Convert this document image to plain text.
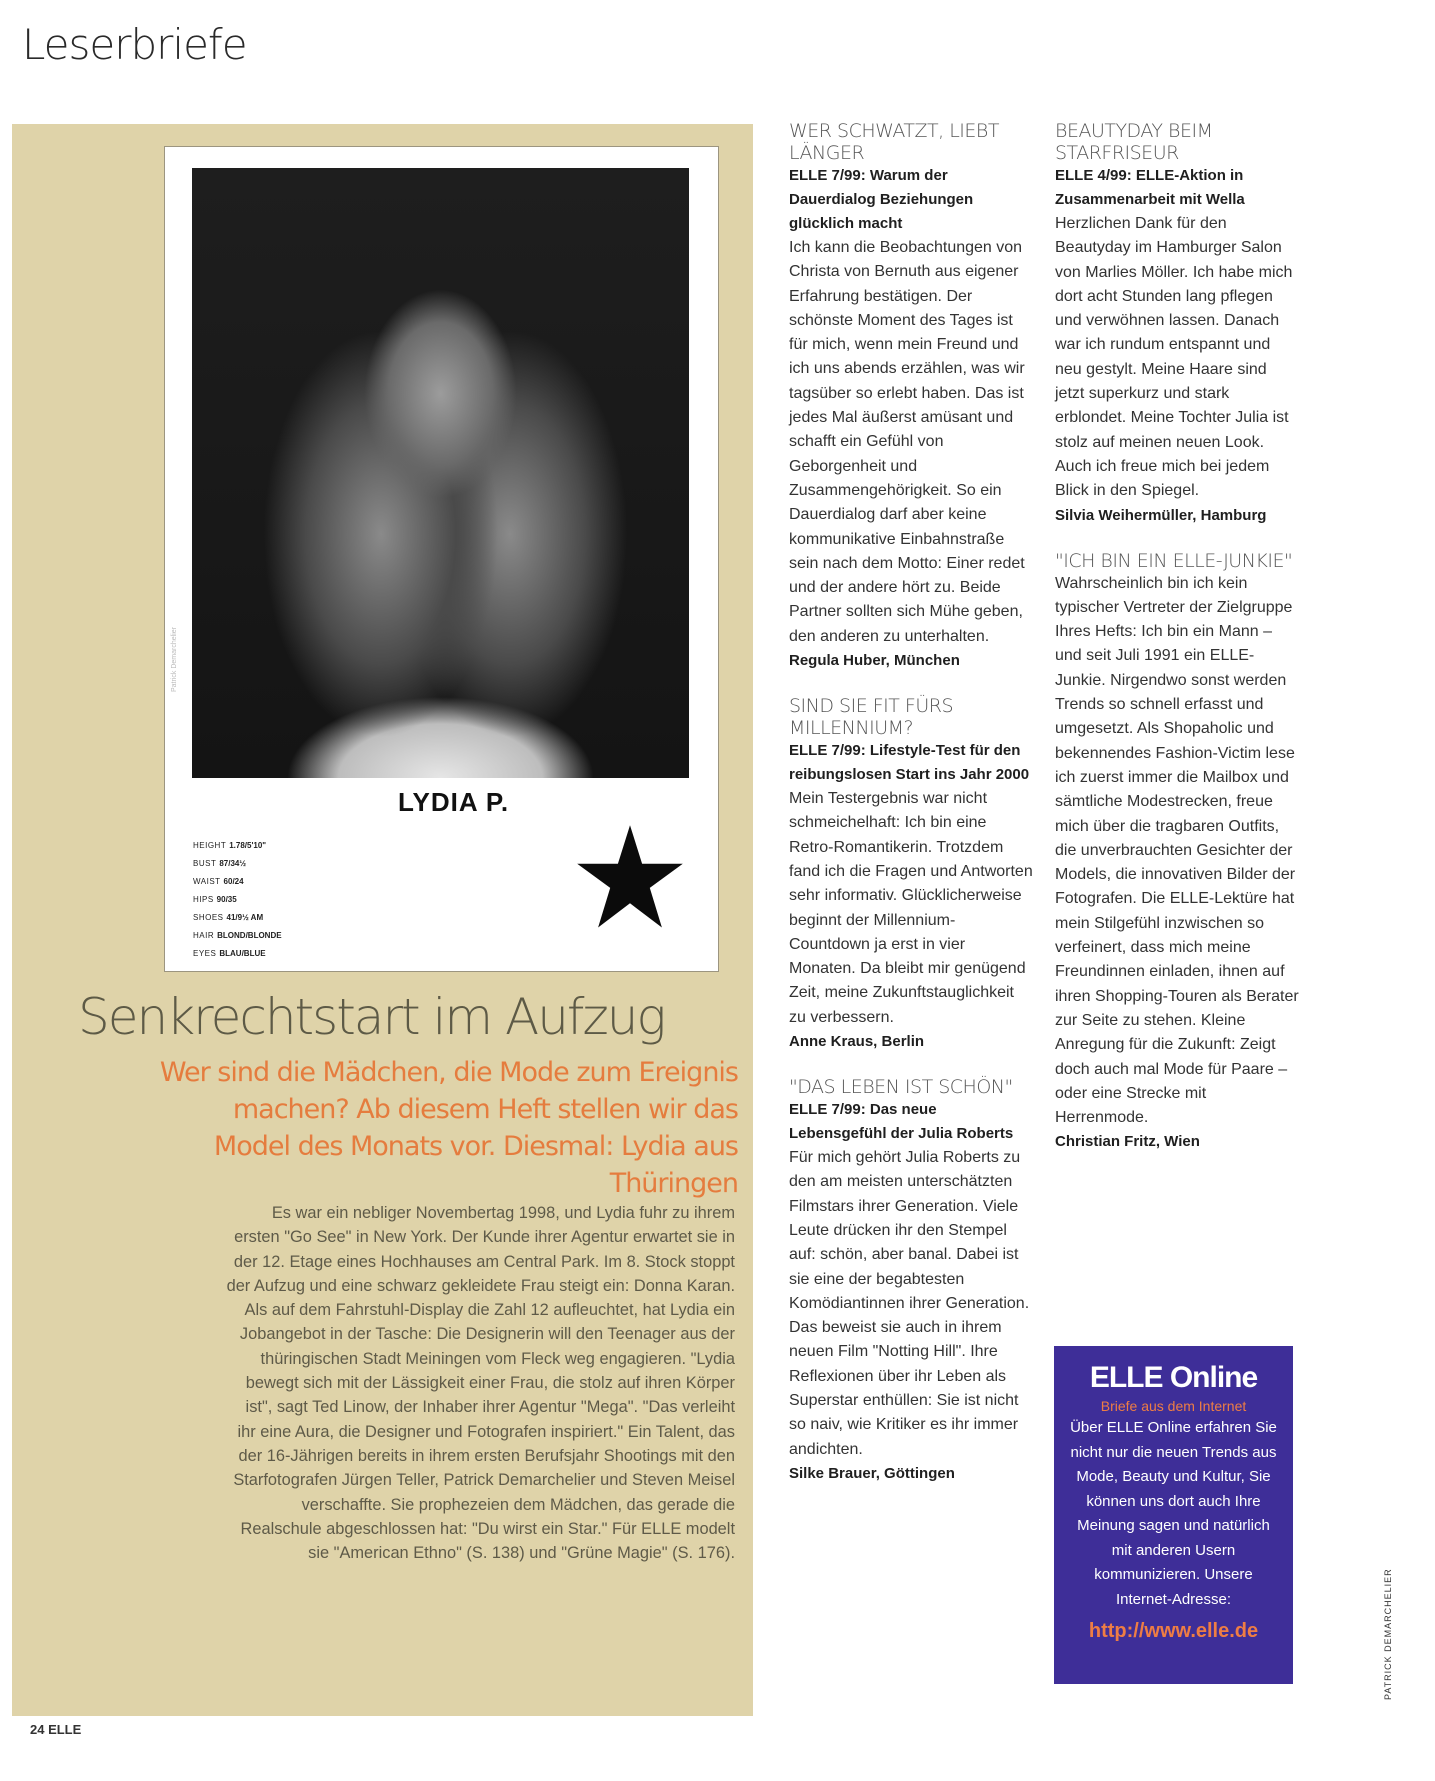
Leserbriefe
Patrick Demarchelier
LYDIA P.
HEIGHT 1.78/5'10"
BUST 87/34½
WAIST 60/24
HIPS 90/35
SHOES 41/9½ AM
HAIR BLOND/BLONDE
EYES BLAU/BLUE
Senkrechtstart im Aufzug
Wer sind die Mädchen, die Mode zum Ereignis machen? Ab diesem Heft stellen wir das Model des Monats vor. Diesmal: Lydia aus Thüringen
Es war ein nebliger Novembertag 1998, und Lydia fuhr zu ihrem ersten "Go See" in New York. Der Kunde ihrer Agentur erwartet sie in der 12. Etage eines Hochhauses am Central Park. Im 8. Stock stoppt der Aufzug und eine schwarz gekleidete Frau steigt ein: Donna Karan. Als auf dem Fahrstuhl-Display die Zahl 12 aufleuchtet, hat Lydia ein Jobangebot in der Tasche: Die Designerin will den Teenager aus der thüringischen Stadt Meiningen vom Fleck weg engagieren. "Lydia bewegt sich mit der Lässigkeit einer Frau, die stolz auf ihren Körper ist", sagt Ted Linow, der Inhaber ihrer Agentur "Mega". "Das verleiht ihr eine Aura, die Designer und Fotografen inspiriert." Ein Talent, das der 16-Jährigen bereits in ihrem ersten Berufsjahr Shootings mit den Starfotografen Jürgen Teller, Patrick Demarchelier und Steven Meisel verschaffte. Sie prophezeien dem Mädchen, das gerade die Realschule abgeschlossen hat: "Du wirst ein Star." Für ELLE modelt sie "American Ethno" (S. 138) und "Grüne Magie" (S. 176).
WER SCHWATZT, LIEBT LÄNGER
ELLE 7/99: Warum der Dauerdialog Beziehungen glücklich macht
Ich kann die Beobachtungen von Christa von Bernuth aus eigener Erfahrung bestätigen. Der schönste Moment des Tages ist für mich, wenn mein Freund und ich uns abends erzählen, was wir tagsüber so erlebt haben. Das ist jedes Mal äußerst amüsant und schafft ein Gefühl von Geborgenheit und Zusammengehörigkeit. So ein Dauerdialog darf aber keine kommunikative Einbahnstraße sein nach dem Motto: Einer redet und der andere hört zu. Beide Partner sollten sich Mühe geben, den anderen zu unterhalten.
Regula Huber, München
SIND SIE FIT FÜRS MILLENNIUM?
ELLE 7/99: Lifestyle-Test für den reibungslosen Start ins Jahr 2000
Mein Testergebnis war nicht schmeichelhaft: Ich bin eine Retro-Romantikerin. Trotzdem fand ich die Fragen und Antworten sehr informativ. Glücklicherweise beginnt der Millennium-Countdown ja erst in vier Monaten. Da bleibt mir genügend Zeit, meine Zukunftstauglichkeit zu verbessern.
Anne Kraus, Berlin
"DAS LEBEN IST SCHÖN"
ELLE 7/99: Das neue Lebensgefühl der Julia Roberts
Für mich gehört Julia Roberts zu den am meisten unterschätzten Filmstars ihrer Generation. Viele Leute drücken ihr den Stempel auf: schön, aber banal. Dabei ist sie eine der begabtesten Komödiantinnen ihrer Generation. Das beweist sie auch in ihrem neuen Film "Notting Hill". Ihre Reflexionen über ihr Leben als Superstar enthüllen: Sie ist nicht so naiv, wie Kritiker es ihr immer andichten.
Silke Brauer, Göttingen
BEAUTYDAY BEIM STARFRISEUR
ELLE 4/99: ELLE-Aktion in Zusammenarbeit mit Wella
Herzlichen Dank für den Beautyday im Hamburger Salon von Marlies Möller. Ich habe mich dort acht Stunden lang pflegen und verwöhnen lassen. Danach war ich rundum entspannt und neu gestylt. Meine Haare sind jetzt superkurz und stark erblondet. Meine Tochter Julia ist stolz auf meinen neuen Look. Auch ich freue mich bei jedem Blick in den Spiegel.
Silvia Weihermüller, Hamburg
"ICH BIN EIN ELLE-JUNKIE"
Wahrscheinlich bin ich kein typischer Vertreter der Zielgruppe Ihres Hefts: Ich bin ein Mann – und seit Juli 1991 ein ELLE-Junkie. Nirgendwo sonst werden Trends so schnell erfasst und umgesetzt. Als Shopaholic und bekennendes Fashion-Victim lese ich zuerst immer die Mailbox und sämtliche Modestrecken, freue mich über die tragbaren Outfits, die unverbrauchten Gesichter der Models, die innovativen Bilder der Fotografen. Die ELLE-Lektüre hat mein Stilgefühl inzwischen so verfeinert, dass mich meine Freundinnen einladen, ihnen auf ihren Shopping-Touren als Berater zur Seite zu stehen. Kleine Anregung für die Zukunft: Zeigt doch auch mal Mode für Paare – oder eine Strecke mit Herrenmode.
Christian Fritz, Wien
ELLE Online
Briefe aus dem Internet
Über ELLE Online erfahren Sie nicht nur die neuen Trends aus Mode, Beauty und Kultur, Sie können uns dort auch Ihre Meinung sagen und natürlich mit anderen Usern kommunizieren. Unsere Internet-Adresse:
http://www.elle.de
24 ELLE
PATRICK DEMARCHELIER
